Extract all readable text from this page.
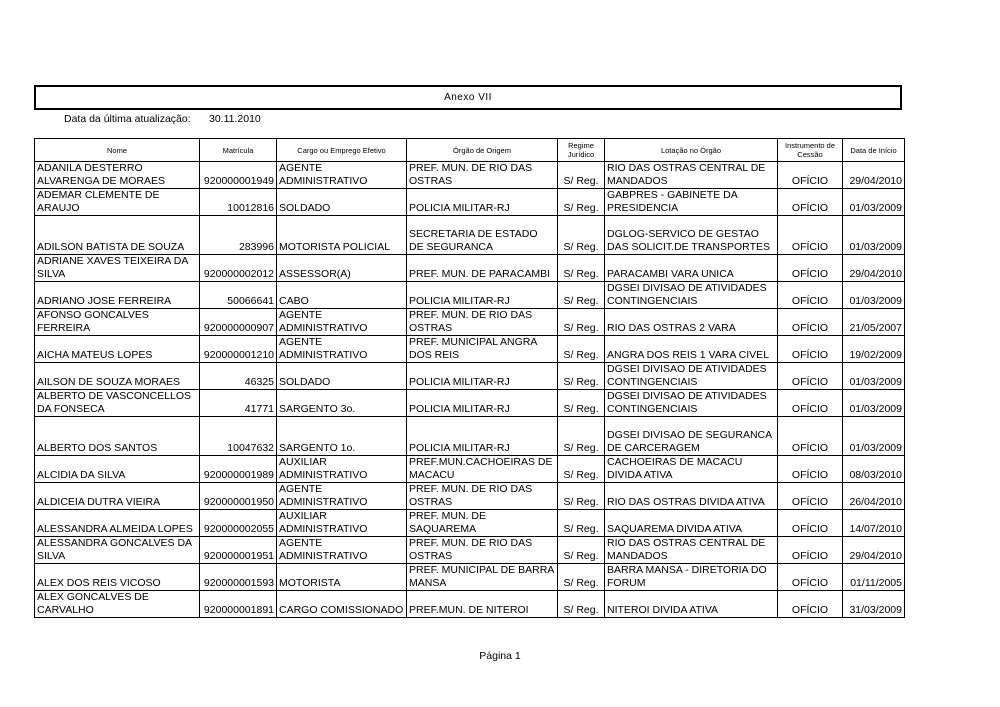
Anexo VII
Data da última atualização: 30.11.2010
Nome	Matrícula	Cargo ou Emprego Efetivo	Órgão de Origem	Regime Jurídico	Lotação no Órgão	Instrumento de Cessão	Data de Início
ADANILA DESTERRO ALVARENGA DE MORAES	920000001949	AGENTE ADMINISTRATIVO	PREF. MUN. DE RIO DAS OSTRAS	S/ Reg.	RIO DAS OSTRAS CENTRAL DE MANDADOS	OFÍCIO	29/04/2010
ADEMAR CLEMENTE DE ARAUJO	10012816	SOLDADO	POLICIA MILITAR-RJ	S/ Reg.	GABPRES - GABINETE DA PRESIDENCIA	OFÍCIO	01/03/2009
ADILSON BATISTA DE SOUZA	283996	MOTORISTA POLICIAL	SECRETARIA DE ESTADO DE SEGURANCA	S/ Reg.	DGLOG-SERVICO DE GESTAO DAS SOLICIT.DE TRANSPORTES	OFÍCIO	01/03/2009
ADRIANE XAVES TEIXEIRA DA SILVA	920000002012	ASSESSOR(A)	PREF. MUN. DE PARACAMBI	S/ Reg.	PARACAMBI VARA UNICA	OFÍCIO	29/04/2010
ADRIANO JOSE FERREIRA	50066641	CABO	POLICIA MILITAR-RJ	S/ Reg.	DGSEI DIVISAO DE ATIVIDADES CONTINGENCIAIS	OFÍCIO	01/03/2009
AFONSO GONCALVES FERREIRA	920000000907	AGENTE ADMINISTRATIVO	PREF. MUN. DE RIO DAS OSTRAS	S/ Reg.	RIO DAS OSTRAS 2 VARA	OFÍCIO	21/05/2007
AICHA MATEUS LOPES	920000001210	AGENTE ADMINISTRATIVO	PREF. MUNICIPAL ANGRA DOS REIS	S/ Reg.	ANGRA DOS REIS 1 VARA CIVEL	OFÍCIO	19/02/2009
AILSON DE SOUZA MORAES	46325	SOLDADO	POLICIA MILITAR-RJ	S/ Reg.	DGSEI DIVISAO DE ATIVIDADES CONTINGENCIAIS	OFÍCIO	01/03/2009
ALBERTO DE VASCONCELLOS DA FONSECA	41771	SARGENTO 3o.	POLICIA MILITAR-RJ	S/ Reg.	DGSEI DIVISAO DE ATIVIDADES CONTINGENCIAIS	OFÍCIO	01/03/2009
ALBERTO DOS SANTOS	10047632	SARGENTO 1o.	POLICIA MILITAR-RJ	S/ Reg.	DGSEI DIVISAO DE SEGURANCA DE CARCERAGEM	OFÍCIO	01/03/2009
ALCIDIA DA SILVA	920000001989	AUXILIAR ADMINISTRATIVO	PREF.MUN.CACHOEIRAS DE MACACU	S/ Reg.	CACHOEIRAS DE MACACU DIVIDA ATIVA	OFÍCIO	08/03/2010
ALDICEIA DUTRA VIEIRA	920000001950	AGENTE ADMINISTRATIVO	PREF. MUN. DE RIO DAS OSTRAS	S/ Reg.	RIO DAS OSTRAS DIVIDA ATIVA	OFÍCIO	26/04/2010
ALESSANDRA ALMEIDA LOPES	920000002055	AUXILIAR ADMINISTRATIVO	PREF. MUN. DE SAQUAREMA	S/ Reg.	SAQUAREMA DIVIDA ATIVA	OFÍCIO	14/07/2010
ALESSANDRA GONCALVES DA SILVA	920000001951	AGENTE ADMINISTRATIVO	PREF. MUN. DE RIO DAS OSTRAS	S/ Reg.	RIO DAS OSTRAS CENTRAL DE MANDADOS	OFÍCIO	29/04/2010
ALEX DOS REIS VICOSO	920000001593	MOTORISTA	PREF. MUNICIPAL DE BARRA MANSA	S/ Reg.	BARRA MANSA - DIRETORIA DO FORUM	OFÍCIO	01/11/2005
ALEX GONCALVES DE CARVALHO	920000001891	CARGO COMISSIONADO	PREF.MUN. DE NITEROI	S/ Reg.	NITEROI DIVIDA ATIVA	OFÍCIO	31/03/2009
Página 1
